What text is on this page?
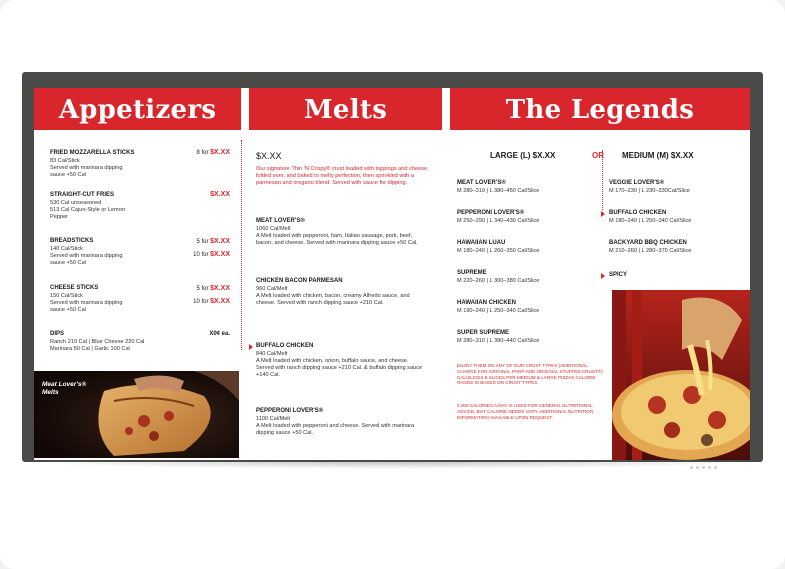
Appetizers	Melts	The Legends
FRIED MOZZARELLA STICKS	8 for $X.XX
83 Cal/Stick
Served with marinara dipping sauce +50 Cal
STRAIGHT-CUT FRIES	$X.XX
530 Cal unseasoned
513 Cal Cajun-Style or Lemon Pepper
BREADSTICKS	5 for $X.XX
10 for $X.XX
140 Cal/Stick
Served with marinara dipping sauce +50 Cal
CHEESE STICKS	5 for $X.XX
10 for $X.XX
150 Cal/Stick
Served with marinara dipping sauce +50 Cal
DIPS	X0¢ ea.
Ranch 210 Cal | Blue Cheese 220 Cal
Marinara 50 Cal | Garlic 100 Cal
$X.XX
Our signature Thin 'N Crispy® crust loaded with toppings and cheese, folded over, and baked to melty perfection, then sprinkled with a parmesan and oregano blend. Served with sauce for dipping.
MEAT LOVER'S®
1060 Cal/Melt
A Melt loaded with pepperoni, ham, Italian sausage, pork, beef, bacon, and cheese. Served with marinara dipping sauce +50 Cal.
CHICKEN BACON PARMESAN
960 Cal/Melt
A Melt loaded with chicken, bacon, creamy Alfredo sauce, and cheese. Served with ranch dipping sauce +210 Cal.
BUFFALO CHICKEN
840 Cal/Melt
A Melt loaded with chicken, onion, buffalo sauce, and cheese. Served with ranch dipping sauce +210 Cal. & buffalo dipping sauce +140 Cal.
PEPPERONI LOVER'S®
1100 Cal/Melt
A Melt loaded with pepperoni and cheese. Served with marinara dipping sauce +50 Cal.
LARGE (L) $X.XX	OR MEDIUM (M) $X.XX
MEAT LOVER'S®
M 280–310 | L 380–450 Cal/Slice
PEPPERONI LOVER'S®
M 250–290 | L 340–430 Cal/Slice
HAWAIIAN LUAU
M 180–240 | L 260–350 Cal/Slice
SUPREME
M 220–260 | L 300–380 Cal/Slice
HAWAIIAN CHICKEN
M 190–240 | L 250–340 Cal/Slice
SUPER SUPREME
M 280–310 | L 380–440 Cal/Slice
ENJOY THEM ON ANY OF OUR CRUST TYPES (ADDITIONAL CHARGE FOR ORIGINAL PAN® AND ORIGINAL STUFFED CRUST®) CAL/SLICES 8 SLICES PER MEDIUM & LARGE PIZZAS CALORIE RANGE IS BASED ON CRUST TYPES.
2,000 CALORIES A DAY IS USED FOR GENERAL NUTRITIONAL ADVICE, BUT CALORIE NEEDS VARY. ADDITIONAL NUTRITION INFORMATION AVAILABLE UPON REQUEST.
VEGGIE LOVER'S®
M 170–230 | L 230–330Cal/Slice
BUFFALO CHICKEN
M 180–240 | L 250–340 Cal/Slice
BACKYARD BBQ CHICKEN
M 210–260 | L 280–370 Cal/Slice
SPICY
Meat Lover's® Melts
